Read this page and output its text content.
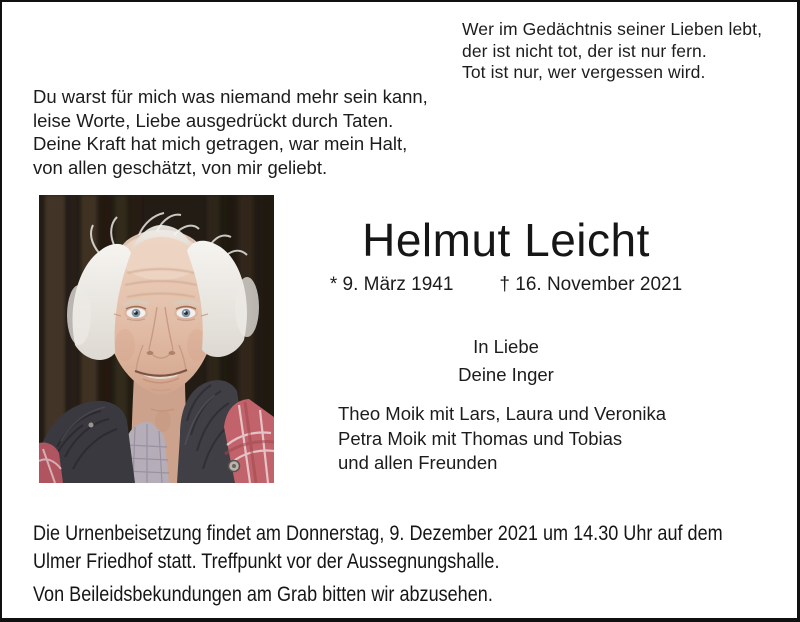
Wer im Gedächtnis seiner Lieben lebt,
der ist nicht tot, der ist nur fern.
Tot ist nur, wer vergessen wird.
Du warst für mich was niemand mehr sein kann,
leise Worte, Liebe ausgedrückt durch Taten.
Deine Kraft hat mich getragen, war mein Halt,
von allen geschätzt, von mir geliebt.
Helmut Leicht
* 9. März 1941 † 16. November 2021
In Liebe
Deine Inger
Theo Moik mit Lars, Laura und Veronika
Petra Moik mit Thomas und Tobias
und allen Freunden
Die Urnenbeisetzung findet am Donnerstag, 9. Dezember 2021 um 14.30 Uhr auf dem
Ulmer Friedhof statt. Treffpunkt vor der Aussegnungshalle.
Von Beileidsbekundungen am Grab bitten wir abzusehen.
